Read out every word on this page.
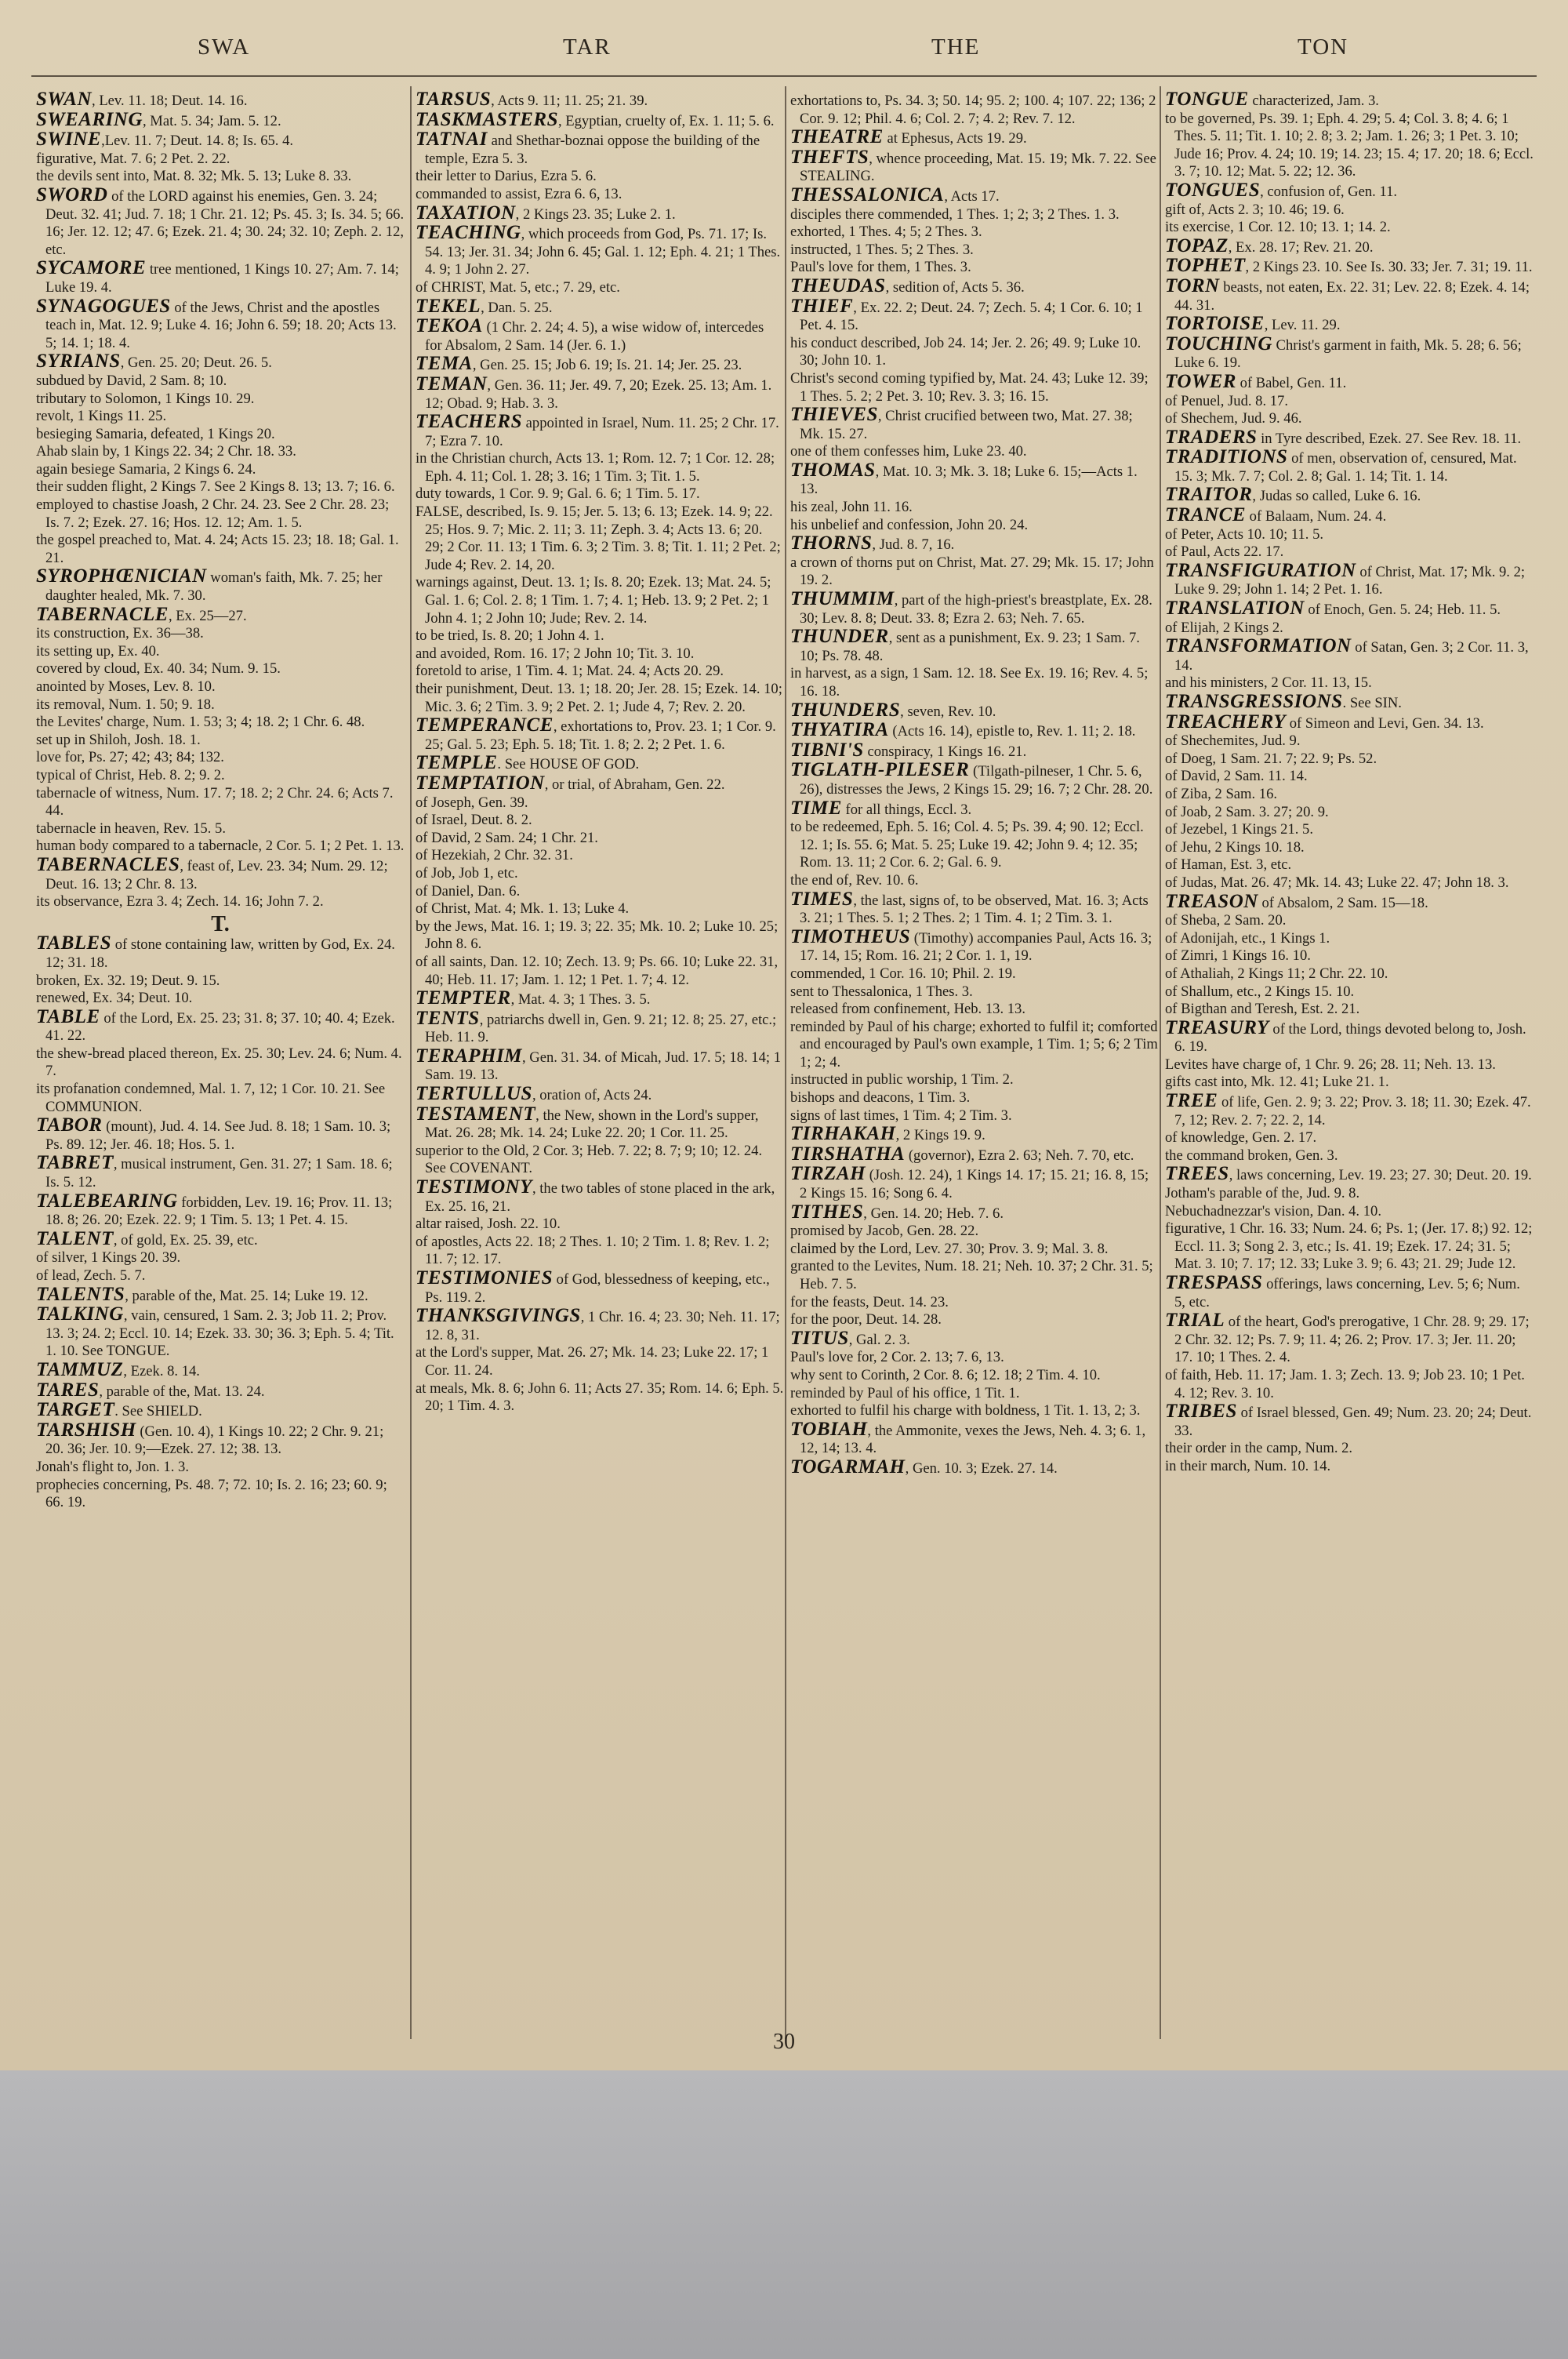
SWA	TAR	THE	TON
SWAN, Lev. 11. 18; Deut. 14. 16.
SWEARING, Mat. 5. 34; Jam. 5. 12.
SWINE,Lev. 11. 7; Deut. 14. 8; Is. 65. 4.
figurative, Mat. 7. 6; 2 Pet. 2. 22.
the devils sent into, Mat. 8. 32; Mk. 5. 13; Luke 8. 33.
SWORD of the LORD against his enemies, Gen. 3. 24; Deut. 32. 41; Jud. 7. 18; 1 Chr. 21. 12; Ps. 45. 3; Is. 34. 5; 66. 16; Jer. 12. 12; 47. 6; Ezek. 21. 4; 30. 24; 32. 10; Zeph. 2. 12, etc.
SYCAMORE tree mentioned, 1 Kings 10. 27; Am. 7. 14; Luke 19. 4.
SYNAGOGUES of the Jews, Christ and the apostles teach in, Mat. 12. 9; Luke 4. 16; John 6. 59; 18. 20; Acts 13. 5; 14. 1; 18. 4.
SYRIANS, Gen. 25. 20; Deut. 26. 5.
subdued by David, 2 Sam. 8; 10.
tributary to Solomon, 1 Kings 10. 29.
revolt, 1 Kings 11. 25.
besieging Samaria, defeated, 1 Kings 20.
Ahab slain by, 1 Kings 22. 34; 2 Chr. 18. 33.
again besiege Samaria, 2 Kings 6. 24.
their sudden flight, 2 Kings 7. See 2 Kings 8. 13; 13. 7; 16. 6.
employed to chastise Joash, 2 Chr. 24. 23. See 2 Chr. 28. 23; Is. 7. 2; Ezek. 27. 16; Hos. 12. 12; Am. 1. 5.
the gospel preached to, Mat. 4. 24; Acts 15. 23; 18. 18; Gal. 1. 21.
SYROPHŒNICIAN woman's faith, Mk. 7. 25; her daughter healed, Mk. 7. 30.
TABERNACLE, Ex. 25—27.
its construction, Ex. 36—38.
its setting up, Ex. 40.
covered by cloud, Ex. 40. 34; Num. 9. 15.
anointed by Moses, Lev. 8. 10.
its removal, Num. 1. 50; 9. 18.
the Levites' charge, Num. 1. 53; 3; 4; 18. 2; 1 Chr. 6. 48.
set up in Shiloh, Josh. 18. 1.
love for, Ps. 27; 42; 43; 84; 132.
typical of Christ, Heb. 8. 2; 9. 2.
tabernacle of witness, Num. 17. 7; 18. 2; 2 Chr. 24. 6; Acts 7. 44.
tabernacle in heaven, Rev. 15. 5.
human body compared to a tabernacle, 2 Cor. 5. 1; 2 Pet. 1. 13.
TABERNACLES, feast of, Lev. 23. 34; Num. 29. 12; Deut. 16. 13; 2 Chr. 8. 13.
its observance, Ezra 3. 4; Zech. 14. 16; John 7. 2.
T.
TABLES of stone containing law, written by God, Ex. 24. 12; 31. 18.
broken, Ex. 32. 19; Deut. 9. 15.
renewed, Ex. 34; Deut. 10.
TABLE of the Lord, Ex. 25. 23; 31. 8; 37. 10; 40. 4; Ezek. 41. 22.
the shew-bread placed thereon, Ex. 25. 30; Lev. 24. 6; Num. 4. 7.
its profanation condemned, Mal. 1. 7, 12; 1 Cor. 10. 21. See COMMUNION.
TABOR (mount), Jud. 4. 14. See Jud. 8. 18; 1 Sam. 10. 3; Ps. 89. 12; Jer. 46. 18; Hos. 5. 1.
TABRET, musical instrument, Gen. 31. 27; 1 Sam. 18. 6; Is. 5. 12.
TALEBEARING forbidden, Lev. 19. 16; Prov. 11. 13; 18. 8; 26. 20; Ezek. 22. 9; 1 Tim. 5. 13; 1 Pet. 4. 15.
TALENT, of gold, Ex. 25. 39, etc.
of silver, 1 Kings 20. 39.
of lead, Zech. 5. 7.
TALENTS, parable of the, Mat. 25. 14; Luke 19. 12.
TALKING, vain, censured, 1 Sam. 2. 3; Job 11. 2; Prov. 13. 3; 24. 2; Eccl. 10. 14; Ezek. 33. 30; 36. 3; Eph. 5. 4; Tit. 1. 10. See TONGUE.
TAMMUZ, Ezek. 8. 14.
TARES, parable of the, Mat. 13. 24.
TARGET. See SHIELD.
TARSHISH (Gen. 10. 4), 1 Kings 10. 22; 2 Chr. 9. 21; 20. 36; Jer. 10. 9;—Ezek. 27. 12; 38. 13.
Jonah's flight to, Jon. 1. 3.
prophecies concerning, Ps. 48. 7; 72. 10; Is. 2. 16; 23; 60. 9; 66. 19.
TARSUS, Acts 9. 11; 11. 25; 21. 39.
TASKMASTERS, Egyptian, cruelty of, Ex. 1. 11; 5. 6.
TATNAI and Shethar-boznai oppose the building of the temple, Ezra 5. 3.
their letter to Darius, Ezra 5. 6.
commanded to assist, Ezra 6. 6, 13.
TAXATION, 2 Kings 23. 35; Luke 2. 1.
TEACHING, which proceeds from God, Ps. 71. 17; Is. 54. 13; Jer. 31. 34; John 6. 45; Gal. 1. 12; Eph. 4. 21; 1 Thes. 4. 9; 1 John 2. 27.
of CHRIST, Mat. 5, etc.; 7. 29, etc.
TEKEL, Dan. 5. 25.
TEKOA (1 Chr. 2. 24; 4. 5), a wise widow of, intercedes for Absalom, 2 Sam. 14 (Jer. 6. 1.)
TEMA, Gen. 25. 15; Job 6. 19; Is. 21. 14; Jer. 25. 23.
TEMAN, Gen. 36. 11; Jer. 49. 7, 20; Ezek. 25. 13; Am. 1. 12; Obad. 9; Hab. 3. 3.
TEACHERS appointed in Israel, Num. 11. 25; 2 Chr. 17. 7; Ezra 7. 10.
in the Christian church, Acts 13. 1; Rom. 12. 7; 1 Cor. 12. 28; Eph. 4. 11; Col. 1. 28; 3. 16; 1 Tim. 3; Tit. 1. 5.
duty towards, 1 Cor. 9. 9; Gal. 6. 6; 1 Tim. 5. 17.
FALSE, described, Is. 9. 15; Jer. 5. 13; 6. 13; Ezek. 14. 9; 22. 25; Hos. 9. 7; Mic. 2. 11; 3. 11; Zeph. 3. 4; Acts 13. 6; 20. 29; 2 Cor. 11. 13; 1 Tim. 6. 3; 2 Tim. 3. 8; Tit. 1. 11; 2 Pet. 2; Jude 4; Rev. 2. 14, 20.
warnings against, Deut. 13. 1; Is. 8. 20; Ezek. 13; Mat. 24. 5; Gal. 1. 6; Col. 2. 8; 1 Tim. 1. 7; 4. 1; Heb. 13. 9; 2 Pet. 2; 1 John 4. 1; 2 John 10; Jude; Rev. 2. 14.
to be tried, Is. 8. 20; 1 John 4. 1.
and avoided, Rom. 16. 17; 2 John 10; Tit. 3. 10.
foretold to arise, 1 Tim. 4. 1; Mat. 24. 4; Acts 20. 29.
their punishment, Deut. 13. 1; 18. 20; Jer. 28. 15; Ezek. 14. 10; Mic. 3. 6; 2 Tim. 3. 9; 2 Pet. 2. 1; Jude 4, 7; Rev. 2. 20.
TEMPERANCE, exhortations to, Prov. 23. 1; 1 Cor. 9. 25; Gal. 5. 23; Eph. 5. 18; Tit. 1. 8; 2. 2; 2 Pet. 1. 6.
TEMPLE. See HOUSE OF GOD.
TEMPTATION, or trial, of Abraham, Gen. 22.
of Joseph, Gen. 39.
of Israel, Deut. 8. 2.
of David, 2 Sam. 24; 1 Chr. 21.
of Hezekiah, 2 Chr. 32. 31.
of Job, Job 1, etc.
of Daniel, Dan. 6.
of Christ, Mat. 4; Mk. 1. 13; Luke 4.
by the Jews, Mat. 16. 1; 19. 3; 22. 35; Mk. 10. 2; Luke 10. 25; John 8. 6.
of all saints, Dan. 12. 10; Zech. 13. 9; Ps. 66. 10; Luke 22. 31, 40; Heb. 11. 17; Jam. 1. 12; 1 Pet. 1. 7; 4. 12.
TEMPTER, Mat. 4. 3; 1 Thes. 3. 5.
TENTS, patriarchs dwell in, Gen. 9. 21; 12. 8; 25. 27, etc.; Heb. 11. 9.
TERAPHIM, Gen. 31. 34. of Micah, Jud. 17. 5; 18. 14; 1 Sam. 19. 13.
TERTULLUS, oration of, Acts 24.
TESTAMENT, the New, shown in the Lord's supper, Mat. 26. 28; Mk. 14. 24; Luke 22. 20; 1 Cor. 11. 25.
superior to the Old, 2 Cor. 3; Heb. 7. 22; 8. 7; 9; 10; 12. 24. See COVENANT.
TESTIMONY, the two tables of stone placed in the ark, Ex. 25. 16, 21.
altar raised, Josh. 22. 10.
of apostles, Acts 22. 18; 2 Thes. 1. 10; 2 Tim. 1. 8; Rev. 1. 2; 11. 7; 12. 17.
TESTIMONIES of God, blessedness of keeping, etc., Ps. 119. 2.
THANKSGIVINGS, 1 Chr. 16. 4; 23. 30; Neh. 11. 17; 12. 8, 31.
at the Lord's supper, Mat. 26. 27; Mk. 14. 23; Luke 22. 17; 1 Cor. 11. 24.
at meals, Mk. 8. 6; John 6. 11; Acts 27. 35; Rom. 14. 6; Eph. 5. 20; 1 Tim. 4. 3.
exhortations to, Ps. 34. 3; 50. 14; 95. 2; 100. 4; 107. 22; 136; 2 Cor. 9. 12; Phil. 4. 6; Col. 2. 7; 4. 2; Rev. 7. 12.
THEATRE at Ephesus, Acts 19. 29.
THEFTS, whence proceeding, Mat. 15. 19; Mk. 7. 22. See STEALING.
THESSALONICA, Acts 17.
disciples there commended, 1 Thes. 1; 2; 3; 2 Thes. 1. 3.
exhorted, 1 Thes. 4; 5; 2 Thes. 3.
instructed, 1 Thes. 5; 2 Thes. 3.
Paul's love for them, 1 Thes. 3.
THEUDAS, sedition of, Acts 5. 36.
THIEF, Ex. 22. 2; Deut. 24. 7; Zech. 5. 4; 1 Cor. 6. 10; 1 Pet. 4. 15.
his conduct described, Job 24. 14; Jer. 2. 26; 49. 9; Luke 10. 30; John 10. 1.
Christ's second coming typified by, Mat. 24. 43; Luke 12. 39; 1 Thes. 5. 2; 2 Pet. 3. 10; Rev. 3. 3; 16. 15.
THIEVES, Christ crucified between two, Mat. 27. 38; Mk. 15. 27.
one of them confesses him, Luke 23. 40.
THOMAS, Mat. 10. 3; Mk. 3. 18; Luke 6. 15;—Acts 1. 13.
his zeal, John 11. 16.
his unbelief and confession, John 20. 24.
THORNS, Jud. 8. 7, 16.
a crown of thorns put on Christ, Mat. 27. 29; Mk. 15. 17; John 19. 2.
THUMMIM, part of the high-priest's breastplate, Ex. 28. 30; Lev. 8. 8; Deut. 33. 8; Ezra 2. 63; Neh. 7. 65.
THUNDER, sent as a punishment, Ex. 9. 23; 1 Sam. 7. 10; Ps. 78. 48.
in harvest, as a sign, 1 Sam. 12. 18. See Ex. 19. 16; Rev. 4. 5; 16. 18.
THUNDERS, seven, Rev. 10.
THYATIRA (Acts 16. 14), epistle to, Rev. 1. 11; 2. 18.
TIBNI'S conspiracy, 1 Kings 16. 21.
TIGLATH-PILESER (Tilgath-pilneser, 1 Chr. 5. 6, 26), distresses the Jews, 2 Kings 15. 29; 16. 7; 2 Chr. 28. 20.
TIME for all things, Eccl. 3.
to be redeemed, Eph. 5. 16; Col. 4. 5; Ps. 39. 4; 90. 12; Eccl. 12. 1; Is. 55. 6; Mat. 5. 25; Luke 19. 42; John 9. 4; 12. 35; Rom. 13. 11; 2 Cor. 6. 2; Gal. 6. 9.
the end of, Rev. 10. 6.
TIMES, the last, signs of, to be observed, Mat. 16. 3; Acts 3. 21; 1 Thes. 5. 1; 2 Thes. 2; 1 Tim. 4. 1; 2 Tim. 3. 1.
TIMOTHEUS (Timothy) accompanies Paul, Acts 16. 3; 17. 14, 15; Rom. 16. 21; 2 Cor. 1. 1, 19.
commended, 1 Cor. 16. 10; Phil. 2. 19.
sent to Thessalonica, 1 Thes. 3.
released from confinement, Heb. 13. 13.
reminded by Paul of his charge; exhorted to fulfil it; comforted and encouraged by Paul's own example, 1 Tim. 1; 5; 6; 2 Tim 1; 2; 4.
instructed in public worship, 1 Tim. 2.
bishops and deacons, 1 Tim. 3.
signs of last times, 1 Tim. 4; 2 Tim. 3.
TIRHAKAH, 2 Kings 19. 9.
TIRSHATHA (governor), Ezra 2. 63; Neh. 7. 70, etc.
TIRZAH (Josh. 12. 24), 1 Kings 14. 17; 15. 21; 16. 8, 15; 2 Kings 15. 16; Song 6. 4.
TITHES, Gen. 14. 20; Heb. 7. 6.
promised by Jacob, Gen. 28. 22.
claimed by the Lord, Lev. 27. 30; Prov. 3. 9; Mal. 3. 8.
granted to the Levites, Num. 18. 21; Neh. 10. 37; 2 Chr. 31. 5; Heb. 7. 5.
for the feasts, Deut. 14. 23.
for the poor, Deut. 14. 28.
TITUS, Gal. 2. 3.
Paul's love for, 2 Cor. 2. 13; 7. 6, 13.
why sent to Corinth, 2 Cor. 8. 6; 12. 18; 2 Tim. 4. 10.
reminded by Paul of his office, 1 Tit. 1.
exhorted to fulfil his charge with boldness, 1 Tit. 1. 13, 2; 3.
TOBIAH, the Ammonite, vexes the Jews, Neh. 4. 3; 6. 1, 12, 14; 13. 4.
TOGARMAH, Gen. 10. 3; Ezek. 27. 14.
TONGUE characterized, Jam. 3.
to be governed, Ps. 39. 1; Eph. 4. 29; 5. 4; Col. 3. 8; 4. 6; 1 Thes. 5. 11; Tit. 1. 10; 2. 8; 3. 2; Jam. 1. 26; 3; 1 Pet. 3. 10; Jude 16; Prov. 4. 24; 10. 19; 14. 23; 15. 4; 17. 20; 18. 6; Eccl. 3. 7; 10. 12; Mat. 5. 22; 12. 36.
TONGUES, confusion of, Gen. 11.
gift of, Acts 2. 3; 10. 46; 19. 6.
its exercise, 1 Cor. 12. 10; 13. 1; 14. 2.
TOPAZ, Ex. 28. 17; Rev. 21. 20.
TOPHET, 2 Kings 23. 10. See Is. 30. 33; Jer. 7. 31; 19. 11.
TORN beasts, not eaten, Ex. 22. 31; Lev. 22. 8; Ezek. 4. 14; 44. 31.
TORTOISE, Lev. 11. 29.
TOUCHING Christ's garment in faith, Mk. 5. 28; 6. 56; Luke 6. 19.
TOWER of Babel, Gen. 11.
of Penuel, Jud. 8. 17.
of Shechem, Jud. 9. 46.
TRADERS in Tyre described, Ezek. 27. See Rev. 18. 11.
TRADITIONS of men, observation of, censured, Mat. 15. 3; Mk. 7. 7; Col. 2. 8; Gal. 1. 14; Tit. 1. 14.
TRAITOR, Judas so called, Luke 6. 16.
TRANCE of Balaam, Num. 24. 4.
of Peter, Acts 10. 10; 11. 5.
of Paul, Acts 22. 17.
TRANSFIGURATION of Christ, Mat. 17; Mk. 9. 2; Luke 9. 29; John 1. 14; 2 Pet. 1. 16.
TRANSLATION of Enoch, Gen. 5. 24; Heb. 11. 5.
of Elijah, 2 Kings 2.
TRANSFORMATION of Satan, Gen. 3; 2 Cor. 11. 3, 14.
and his ministers, 2 Cor. 11. 13, 15.
TRANSGRESSIONS. See SIN.
TREACHERY of Simeon and Levi, Gen. 34. 13.
of Shechemites, Jud. 9.
of Doeg, 1 Sam. 21. 7; 22. 9; Ps. 52.
of David, 2 Sam. 11. 14.
of Ziba, 2 Sam. 16.
of Joab, 2 Sam. 3. 27; 20. 9.
of Jezebel, 1 Kings 21. 5.
of Jehu, 2 Kings 10. 18.
of Haman, Est. 3, etc.
of Judas, Mat. 26. 47; Mk. 14. 43; Luke 22. 47; John 18. 3.
TREASON of Absalom, 2 Sam. 15—18.
of Sheba, 2 Sam. 20.
of Adonijah, etc., 1 Kings 1.
of Zimri, 1 Kings 16. 10.
of Athaliah, 2 Kings 11; 2 Chr. 22. 10.
of Shallum, etc., 2 Kings 15. 10.
of Bigthan and Teresh, Est. 2. 21.
TREASURY of the Lord, things devoted belong to, Josh. 6. 19.
Levites have charge of, 1 Chr. 9. 26; 28. 11; Neh. 13. 13.
gifts cast into, Mk. 12. 41; Luke 21. 1.
TREE of life, Gen. 2. 9; 3. 22; Prov. 3. 18; 11. 30; Ezek. 47. 7, 12; Rev. 2. 7; 22. 2, 14.
of knowledge, Gen. 2. 17.
the command broken, Gen. 3.
TREES, laws concerning, Lev. 19. 23; 27. 30; Deut. 20. 19.
Jotham's parable of the, Jud. 9. 8.
Nebuchadnezzar's vision, Dan. 4. 10.
figurative, 1 Chr. 16. 33; Num. 24. 6; Ps. 1; (Jer. 17. 8;) 92. 12; Eccl. 11. 3; Song 2. 3, etc.; Is. 41. 19; Ezek. 17. 24; 31. 5; Mat. 3. 10; 7. 17; 12. 33; Luke 3. 9; 6. 43; 21. 29; Jude 12.
TRESPASS offerings, laws concerning, Lev. 5; 6; Num. 5, etc.
TRIAL of the heart, God's prerogative, 1 Chr. 28. 9; 29. 17; 2 Chr. 32. 12; Ps. 7. 9; 11. 4; 26. 2; Prov. 17. 3; Jer. 11. 20; 17. 10; 1 Thes. 2. 4.
of faith, Heb. 11. 17; Jam. 1. 3; Zech. 13. 9; Job 23. 10; 1 Pet. 4. 12; Rev. 3. 10.
TRIBES of Israel blessed, Gen. 49; Num. 23. 20; 24; Deut. 33.
their order in the camp, Num. 2.
in their march, Num. 10. 14.
30
